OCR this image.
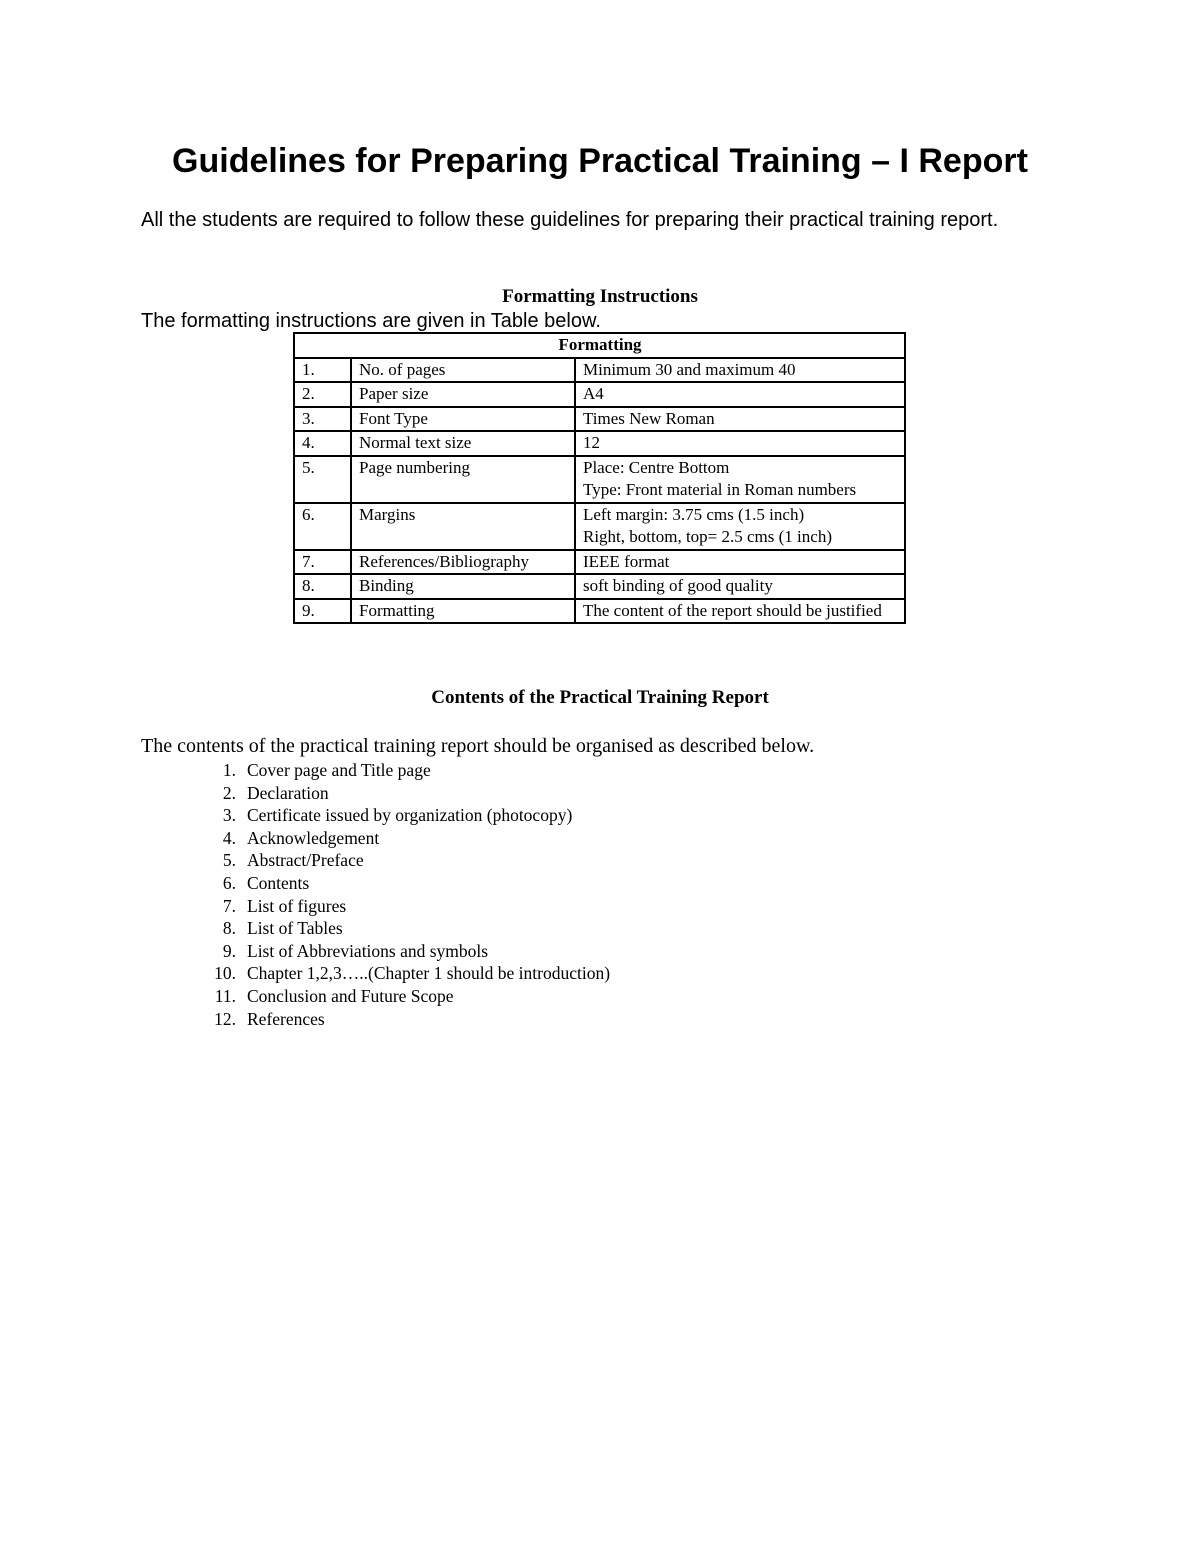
Guidelines for Preparing Practical Training – I Report

All the students are required to follow these guidelines for preparing their practical training report.

Formatting Instructions

The formatting instructions are given in Table below.

Formatting		
1.	No. of pages	Minimum 30 and maximum 40

2.	Paper size	A4

3.	Font Type	Times New Roman

4.	Normal text size	12

5.	Page numbering	Place: Centre Bottom
Type: Front material in Roman numbers

6.	Margins	Left margin: 3.75 cms (1.5 inch)
Right, bottom, top= 2.5 cms (1 inch)

7.	References/Bibliography	IEEE format

8.	Binding	soft binding of good quality

9.	Formatting	The content of the report should be justified
Contents of the Practical Training Report

The contents of the practical training report should be organised as described below.

1. Cover page and Title page
2. Declaration
3. Certificate issued by organization (photocopy)
4. Acknowledgement
5. Abstract/Preface
6. Contents
7. List of figures
8. List of Tables
9. List of Abbreviations and symbols
10. Chapter 1,2,3…..(Chapter 1 should be introduction)
11. Conclusion and Future Scope
12. References
